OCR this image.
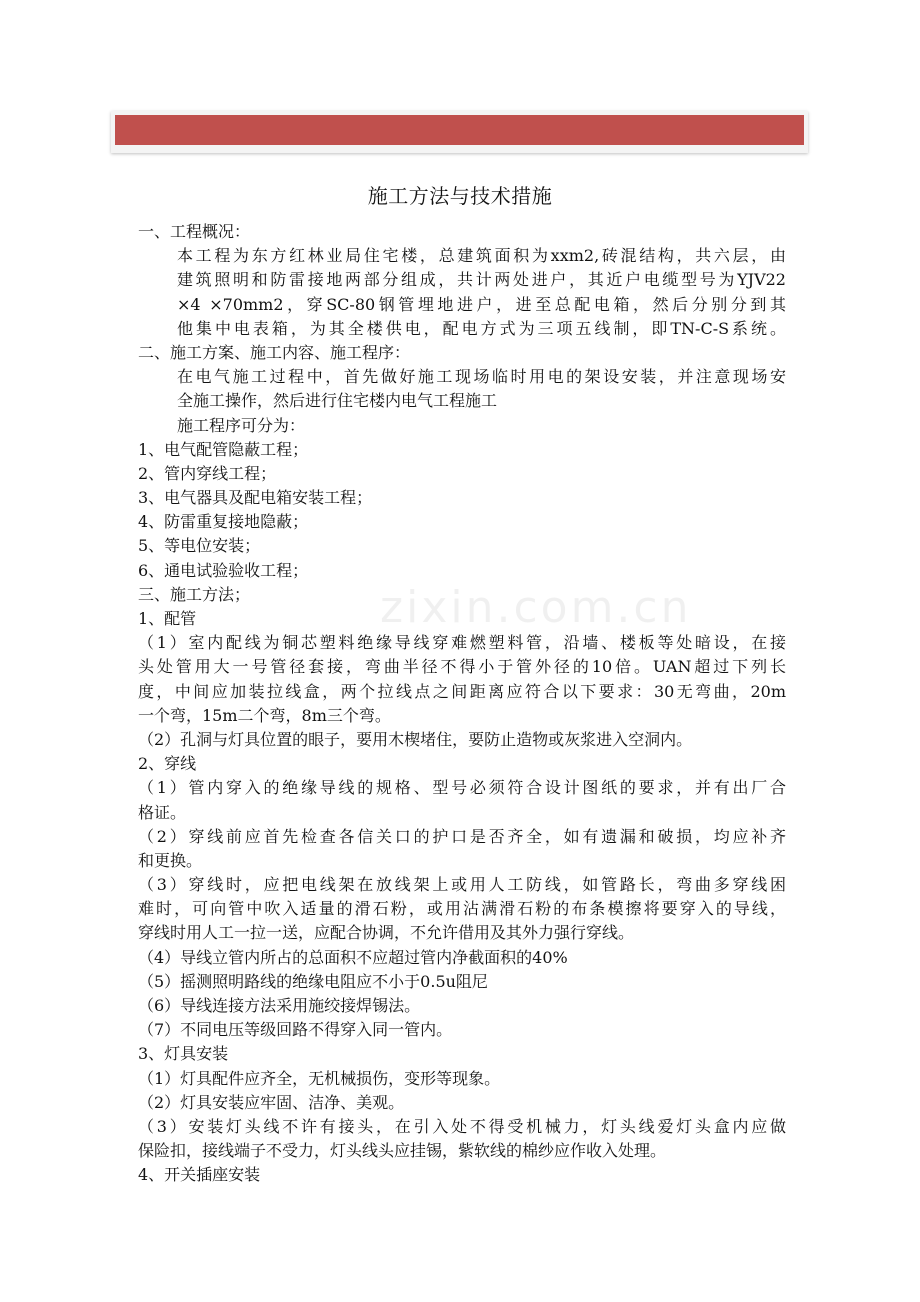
施工方法与技术措施
zixin.com.cn
一、工程概况：
本工程为东方红林业局住宅楼，总建筑面积为xxm2,砖混结构，共六层，由
建筑照明和防雷接地两部分组成，共计两处进户，其近户电缆型号为YJV22
×4 ×70mm2，穿SC-80钢管埋地进户，进至总配电箱，然后分别分到其
他集中电表箱，为其全楼供电，配电方式为三项五线制，即TN-C-S系统。
二、施工方案、施工内容、施工程序：
在电气施工过程中，首先做好施工现场临时用电的架设安装，并注意现场安
全施工操作，然后进行住宅楼内电气工程施工
施工程序可分为：
1、电气配管隐蔽工程；
2、管内穿线工程；
3、电气器具及配电箱安装工程；
4、防雷重复接地隐蔽；
5、等电位安装；
6、通电试验验收工程；
三、施工方法；
1、配管
（1）室内配线为铜芯塑料绝缘导线穿难燃塑料管，沿墙、楼板等处暗设，在接
头处管用大一号管径套接，弯曲半径不得小于管外径的10倍。UAN超过下列长
度，中间应加装拉线盒，两个拉线点之间距离应符合以下要求：30无弯曲，20m
一个弯，15m二个弯，8m三个弯。
（2）孔洞与灯具位置的眼子，要用木楔堵住，要防止造物或灰浆进入空洞内。
2、穿线
（1）管内穿入的绝缘导线的规格、型号必须符合设计图纸的要求，并有出厂合
格证。
（2）穿线前应首先检查各信关口的护口是否齐全，如有遗漏和破损，均应补齐
和更换。
（3）穿线时，应把电线架在放线架上或用人工防线，如管路长，弯曲多穿线困
难时，可向管中吹入适量的滑石粉，或用沾满滑石粉的布条模擦将要穿入的导线，
穿线时用人工一拉一送，应配合协调，不允许借用及其外力强行穿线。
（4）导线立管内所占的总面积不应超过管内净截面积的40%
（5）摇测照明路线的绝缘电阻应不小于0.5u阻尼
（6）导线连接方法采用施绞接焊锡法。
（7）不同电压等级回路不得穿入同一管内。
3、灯具安装
（1）灯具配件应齐全，无机械损伤，变形等现象。
（2）灯具安装应牢固、洁净、美观。
（3）安装灯头线不许有接头，在引入处不得受机械力，灯头线爱灯头盒内应做
保险扣，接线端子不受力，灯头线头应挂锡，紫软线的棉纱应作收入处理。
4、开关插座安装
